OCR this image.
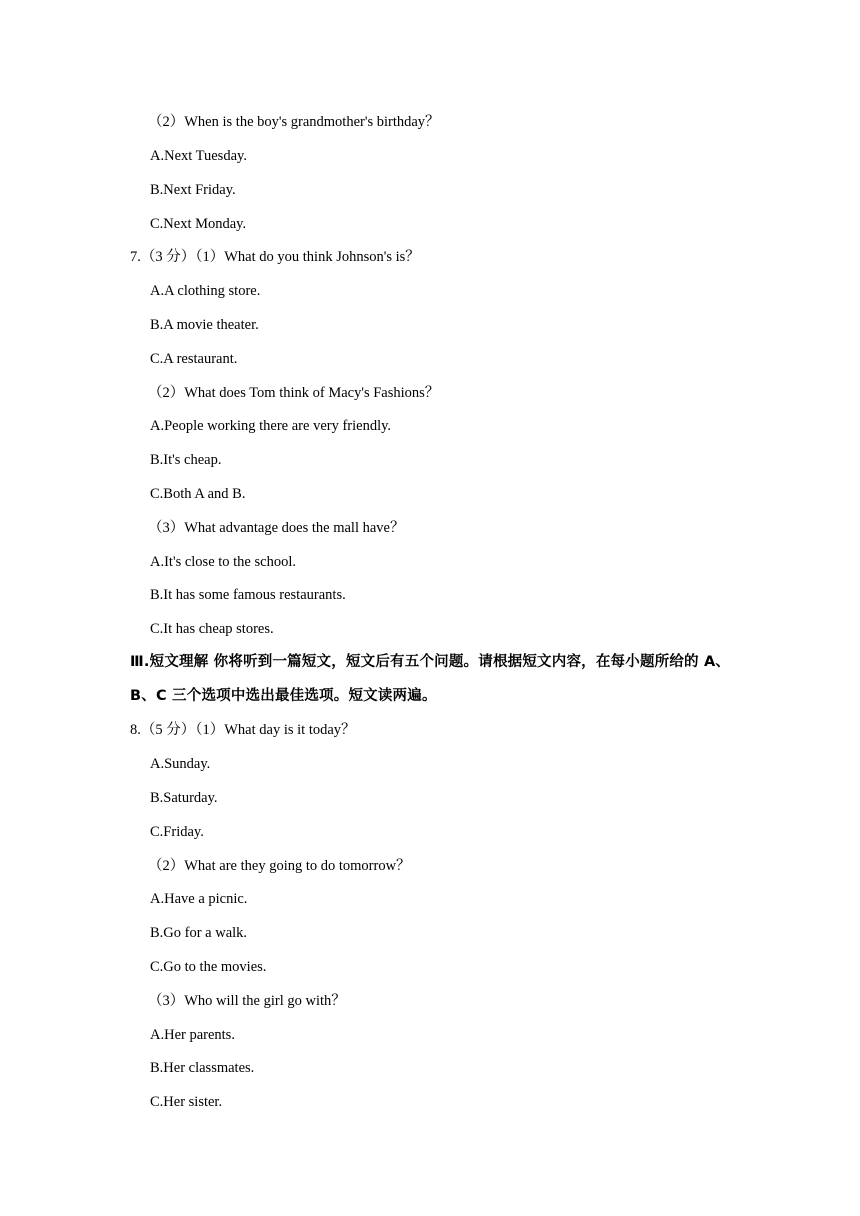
（2）When is the boy's grandmother's birthday？
A.Next Tuesday.
B.Next Friday.
C.Next Monday.
7.（3 分）（1）What do you think Johnson's is？
A.A clothing store.
B.A movie theater.
C.A restaurant.
（2）What does Tom think of Macy's Fashions？
A.People working there are very friendly.
B.It's cheap.
C.Both A and B.
（3）What advantage does the mall have？
A.It's close to the school.
B.It has some famous restaurants.
C.It has cheap stores.
Ⅲ.短文理解 你将听到一篇短文，短文后有五个问题。请根据短文内容，在每小题所给的 A、
B、C 三个选项中选出最佳选项。短文读两遍。
8.（5 分）（1）What day is it today？
A.Sunday.
B.Saturday.
C.Friday.
（2）What are they going to do tomorrow？
A.Have a picnic.
B.Go for a walk.
C.Go to the movies.
（3）Who will the girl go with？
A.Her parents.
B.Her classmates.
C.Her sister.
